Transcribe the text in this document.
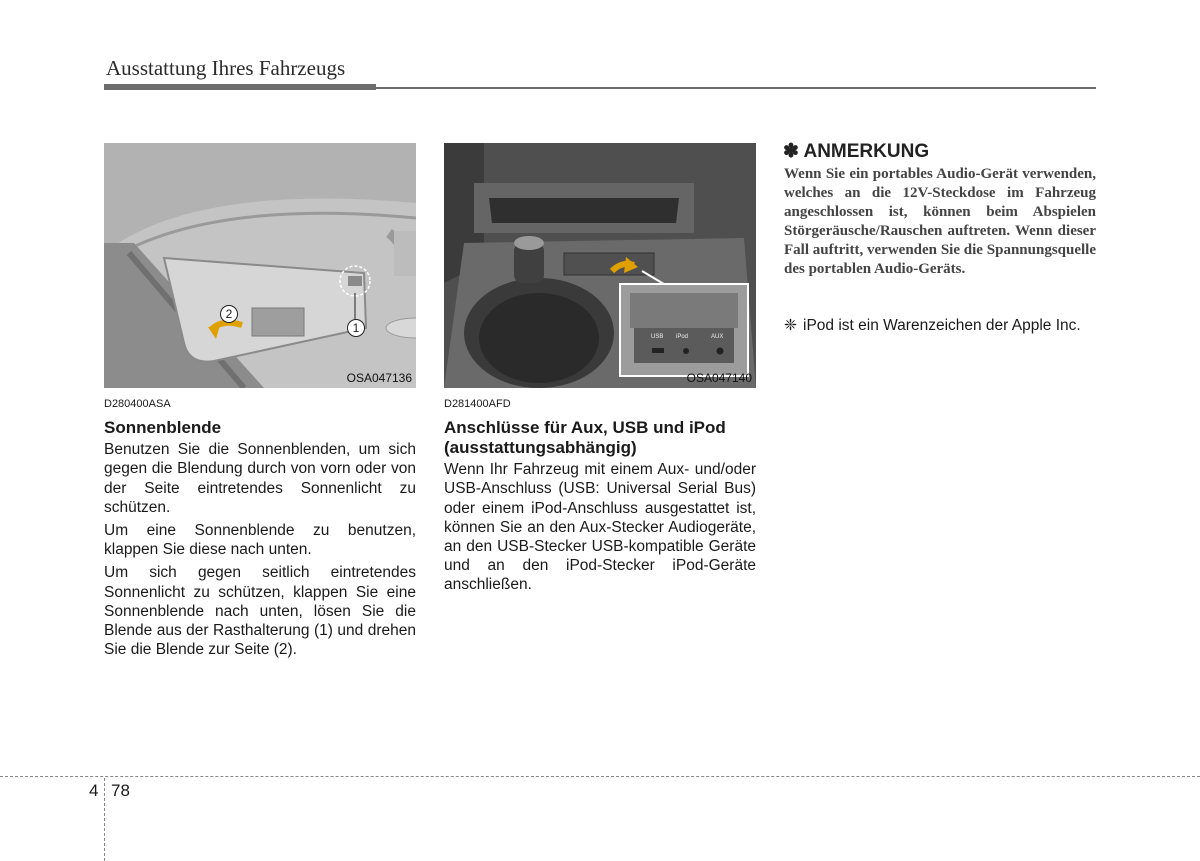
Ausstattung Ihres Fahrzeugs
1
2
OSA047136
USB iPod	AUX
OSA047140
D280400ASA
Sonnenblende

Benutzen Sie die Sonnenblenden, um sich gegen die Blendung durch von vorn oder von der Seite eintretendes Sonnenlicht zu schützen.

Um eine Sonnenblende zu benutzen, klappen Sie diese nach unten.

Um sich gegen seitlich eintretendes Sonnenlicht zu schützen, klappen Sie eine Sonnenblende nach unten, lösen Sie die Blende aus der Rasthalterung (1) und drehen Sie die Blende zur Seite (2).

D281400AFD
Anschlüsse für Aux, USB und iPod (ausstattungsabhängig)

Wenn Ihr Fahrzeug mit einem Aux- und/oder USB-Anschluss (USB: Universal Serial Bus) oder einem iPod-Anschluss ausgestattet ist, können Sie an den Aux-Stecker Audiogeräte, an den USB-Stecker USB-kompatible Geräte und an den iPod-Stecker iPod-Geräte anschließen.

✽ ANMERKUNG
Wenn Sie ein portables Audio-Gerät verwenden, welches an die 12V-Steckdose im Fahrzeug angeschlossen ist, können beim Abspielen Störgeräusche/Rauschen auftreten. Wenn dieser Fall auftritt, verwenden Sie die Spannungsquelle des portablen Audio-Geräts.
❈ iPod ist ein Warenzeichen der Apple Inc.
4 78
